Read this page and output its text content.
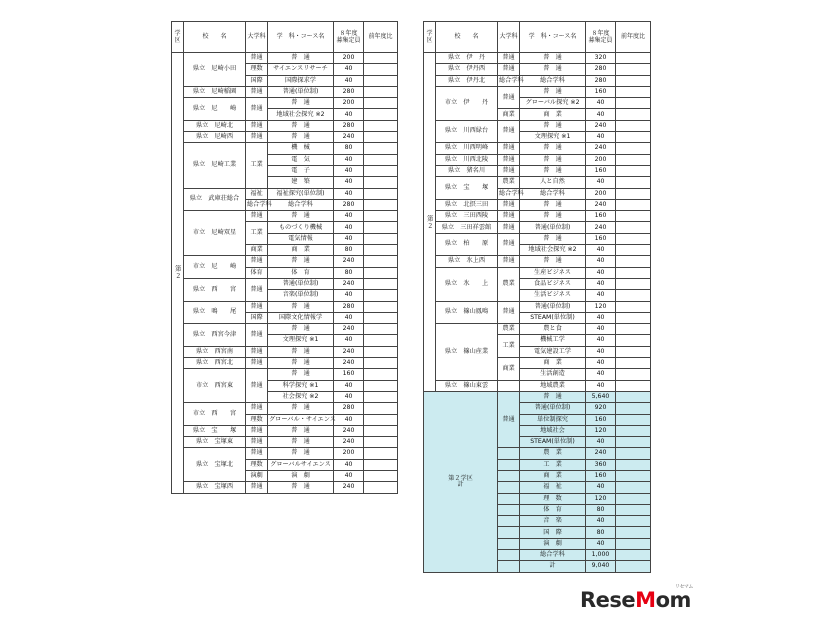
学区	校　　名	大学科	学　科・コース名	８年度
募集定員	前年度比
第２	県立　尼崎小田	普通	普　通	200	
		理数	サイエンスリサーチ	40	
		国際	国際探求学	40	
	県立　尼崎稲園	普通	普通(単位制)	280	
	県立　尼　　崎	普通	普　通	200	
			地域社会探究 ※2	40	
	県立　尼崎北	普通	普　通	280	
	県立　尼崎西	普通	普　通	240	
	県立　尼崎工業	工業	機　械	80	
			電　気	40	
			電　子	40	
			建　築	40	
	県立　武庫荘総合	福祉	福祉探究(単位制)	40	
		総合学科	総合学科	280	
	市立　尼崎双星	普通	普　通	40	
		工業	ものづくり機械	40	
			電気情報	40	
		商業	商　業	80	
	市立　尼　　崎	普通	普　通	240	
		体育	体　育	80	
	県立　西　　宮	普通	普通(単位制)	240	
			音楽(単位制)	40	
	県立　鳴　　尾	普通	普　通	280	
		国際	国際文化情報学	40	
	県立　西宮今津	普通	普　通	240	
			文理探究 ※1	40	
	県立　西宮南	普通	普　通	240	
	県立　西宮北	普通	普　通	240	
	市立　西宮東	普通	普　通	160	
			科学探究 ※1	40	
			社会探究 ※2	40	
	市立　西　　宮	普通	普　通	280	
		理数	グローバル・サイエンス	40	
	県立　宝　　塚	普通	普　通	240	
	県立　宝塚東	普通	普　通	240	
	県立　宝塚北	普通	普　通	200	
		理数	グローバルサイエンス	40	
		演劇	演　劇	40	
	県立　宝塚西	普通	普　通	240	
学区	校　　名	大学科	学　科・コース名	８年度
募集定員	前年度比
第２	県立　伊　丹	普通	普　通	320	
	県立　伊丹西	普通	普　通	280	
	県立　伊丹北	総合学科	総合学科	280	
	市立　伊　　丹	普通	普　通	160	
			グローバル探究 ※2	40	
		商業	商　業	40	
	県立　川西緑台	普通	普　通	240	
			文理探究 ※1	40	
	県立　川西明峰	普通	普　通	240	
	県立　川西北陵	普通	普　通	200	
	県立　猪名川	普通	普　通	160	
	県立　宝　　塚	農業	人と自然	40	
		総合学科	総合学科	200	
	県立　北摂三田	普通	普　通	240	
	県立　三田西陵	普通	普　通	160	
	県立　三田祥雲館	普通	普通(単位制)	240	
	県立　柏　　原	普通	普　通	160	
			地域社会探究 ※2	40	
	県立　氷上西	普通	普　通	40	
	県立　氷　　上	農業	生産ビジネス	40	
			食品ビジネス	40	
			生活ビジネス	40	
	県立　篠山鳳鳴	普通	普通(単位制)	120	
			STEAM(単位制)	40	
	県立　篠山産業	農業	農と食	40	
		工業	機械工学	40	
			電気建設工学	40	
		商業	商　業	40	
			生活創造	40	
	県立　篠山東雲		地域農業	40	

第２学区
計		普通	普　通	5,640	
			普通(単位制)	920	
			単位制探究	160	
			地域社会	120	
			STEAM(単位制)	40	
			農　業	240	
			工　業	360	
			商　業	160	
			福　祉	40	
			理　数	120	
			体　育	80	
			音　楽	40	
			国　際	80	
			演　劇	40	
			総合学科	1,000	
			計	9,040	
ReseMom
リセマム
